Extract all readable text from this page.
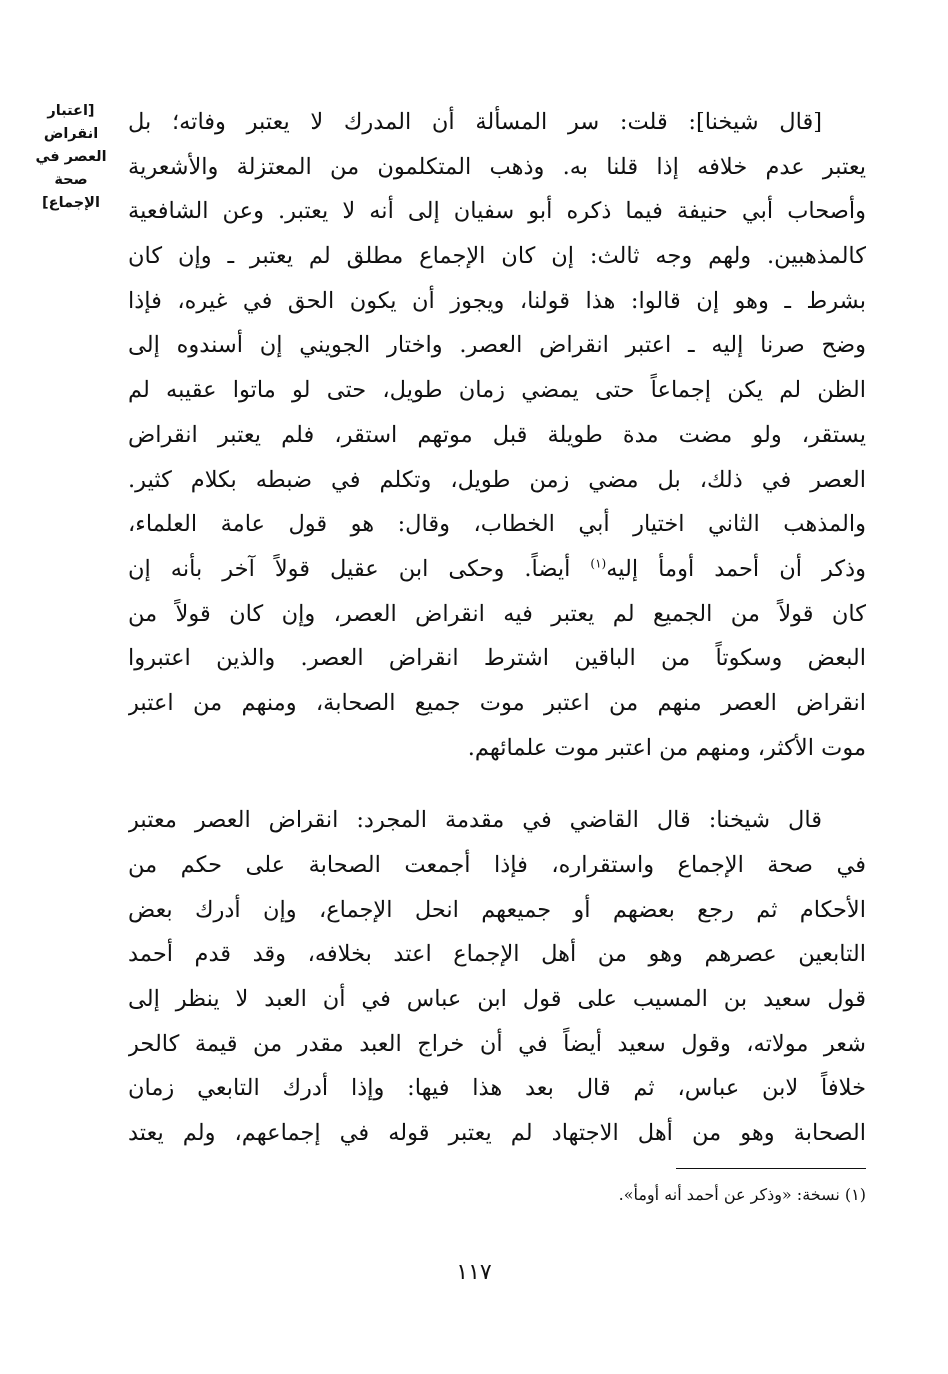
[اعتبار
انقراض
العصر في
صحة
الإجماع]
[قال شيخنا]: قلت: سر المسألة أن المدرك لا يعتبر وفاته؛ بل
يعتبر عدم خلافه إذا قلنا به. وذهب المتكلمون من المعتزلة والأشعرية
وأصحاب أبي حنيفة فيما ذكره أبو سفيان إلى أنه لا يعتبر. وعن الشافعية
كالمذهبين. ولهم وجه ثالث: إن كان الإجماع مطلق لم يعتبر ـ وإن كان
بشرط ـ وهو إن قالوا: هذا قولنا، ويجوز أن يكون الحق في غيره، فإذا
وضح صرنا إليه ـ اعتبر انقراض العصر. واختار الجويني إن أسندوه إلى
الظن لم يكن إجماعاً حتى يمضي زمان طويل، حتى لو ماتوا عقيبه لم
يستقر، ولو مضت مدة طويلة قبل موتهم استقر، فلم يعتبر انقراض
العصر في ذلك، بل مضي زمن طويل، وتكلم في ضبطه بكلام كثير.
والمذهب الثاني اختيار أبي الخطاب، وقال: هو قول عامة العلماء،
وذكر أن أحمد أومأ إليه$^{(١)}$ أيضاً. وحكى ابن عقيل قولاً آخر بأنه إن
كان قولاً من الجميع لم يعتبر فيه انقراض العصر، وإن كان قولاً من
البعض وسكوتاً من الباقين اشترط انقراض العصر. والذين اعتبروا
انقراض العصر منهم من اعتبر موت جميع الصحابة، ومنهم من اعتبر
موت الأكثر، ومنهم من اعتبر موت علمائهم.
قال شيخنا: قال القاضي في مقدمة المجرد: انقراض العصر معتبر
في صحة الإجماع واستقراره، فإذا أجمعت الصحابة على حكم من
الأحكام ثم رجع بعضهم أو جميعهم انحل الإجماع، وإن أدرك بعض
التابعين عصرهم وهو من أهل الإجماع اعتد بخلافه، وقد قدم أحمد
قول سعيد بن المسيب على قول ابن عباس في أن العبد لا ينظر إلى
شعر مولاته، وقول سعيد أيضاً في أن خراج العبد مقدر من قيمة كالحر
خلافاً لابن عباس، ثم قال بعد هذا فيها: وإذا أدرك التابعي زمان
الصحابة وهو من أهل الاجتهاد لم يعتبر قوله في إجماعهم، ولم يعتد
(١) نسخة: «وذكر عن أحمد أنه أومأ».
١١٧
